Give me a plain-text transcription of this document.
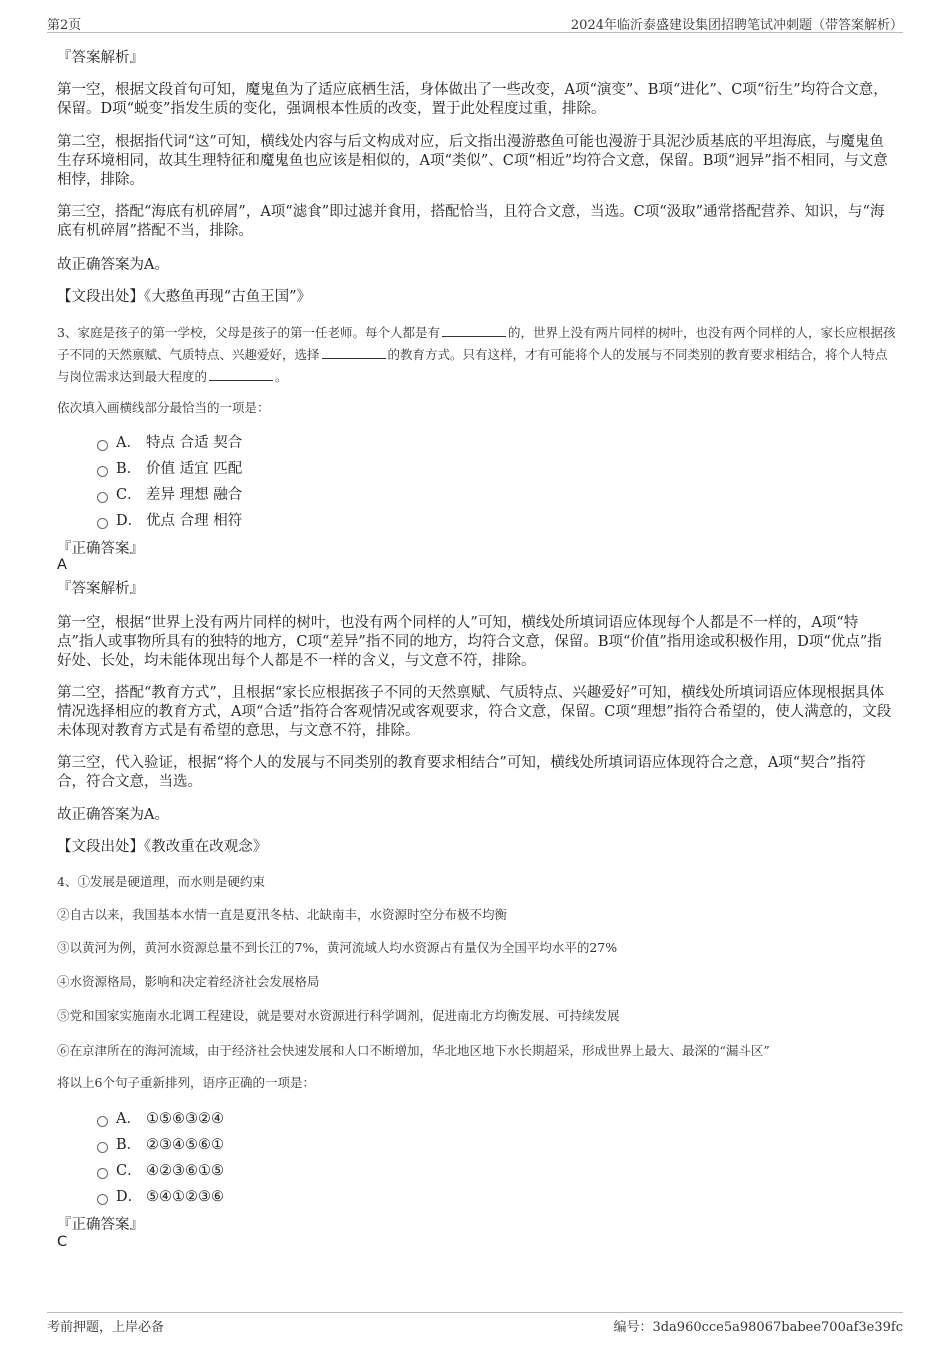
第2页	2024年临沂泰盛建设集团招聘笔试冲刺题（带答案解析）
『答案解析』
第一空，根据文段首句可知，魔鬼鱼为了适应底栖生活，身体做出了一些改变，A项“演变”、B项“进化”、C项“衍生”均符合文意，保留。D项“蜕变”指发生质的变化，强调根本性质的改变，置于此处程度过重，排除。
第二空，根据指代词“这”可知，横线处内容与后文构成对应，后文指出漫游憨鱼可能也漫游于具泥沙质基底的平坦海底，与魔鬼鱼生存环境相同，故其生理特征和魔鬼鱼也应该是相似的，A项“类似”、C项“相近”均符合文意，保留。B项“迥异”指不相同，与文意相悖，排除。
第三空，搭配“海底有机碎屑”，A项“滤食”即过滤并食用，搭配恰当，且符合文意，当选。C项“汲取”通常搭配营养、知识，与“海底有机碎屑”搭配不当，排除。
故正确答案为A。
【文段出处】《大憨鱼再现“古鱼王国”》
3、家庭是孩子的第一学校，父母是孩子的第一任老师。每个人都是有	的，世界上没有两片同样的树叶，也没有两个同样的人，家长应根据孩子不同的天然禀赋、气质特点、兴趣爱好，选择	的教育方式。只有这样，才有可能将个人的发展与不同类别的教育要求相结合，将个人特点与岗位需求达到最大程度的	。
依次填入画横线部分最恰当的一项是：
A． 特点 合适 契合
B． 价值 适宜 匹配
C． 差异 理想 融合
D． 优点 合理 相符
『正确答案』
A
『答案解析』
第一空，根据“世界上没有两片同样的树叶，也没有两个同样的人”可知，横线处所填词语应体现每个人都是不一样的，A项“特点”指人或事物所具有的独特的地方，C项“差异”指不同的地方，均符合文意，保留。B项“价值”指用途或积极作用，D项“优点”指好处、长处，均未能体现出每个人都是不一样的含义，与文意不符，排除。
第二空，搭配“教育方式”，且根据“家长应根据孩子不同的天然禀赋、气质特点、兴趣爱好”可知，横线处所填词语应体现根据具体情况选择相应的教育方式，A项“合适”指符合客观情况或客观要求，符合文意，保留。C项“理想”指符合希望的，使人满意的，文段未体现对教育方式是有希望的意思，与文意不符，排除。
第三空，代入验证，根据“将个人的发展与不同类别的教育要求相结合”可知，横线处所填词语应体现符合之意，A项“契合”指符合，符合文意，当选。
故正确答案为A。
【文段出处】《教改重在改观念》
4、①发展是硬道理，而水则是硬约束
②自古以来，我国基本水情一直是夏汛冬枯、北缺南丰，水资源时空分布极不均衡
③以黄河为例，黄河水资源总量不到长江的7%，黄河流域人均水资源占有量仅为全国平均水平的27%
④水资源格局，影响和决定着经济社会发展格局
⑤党和国家实施南水北调工程建设，就是要对水资源进行科学调剂，促进南北方均衡发展、可持续发展
⑥在京津所在的海河流域，由于经济社会快速发展和人口不断增加，华北地区地下水长期超采，形成世界上最大、最深的“漏斗区”
将以上6个句子重新排列，语序正确的一项是：
A． ①⑤⑥③②④
B． ②③④⑤⑥①
C． ④②③⑥①⑤
D． ⑤④①②③⑥
『正确答案』
C
考前押题，上岸必备	编号：3da960cce5a98067babee700af3e39fc
